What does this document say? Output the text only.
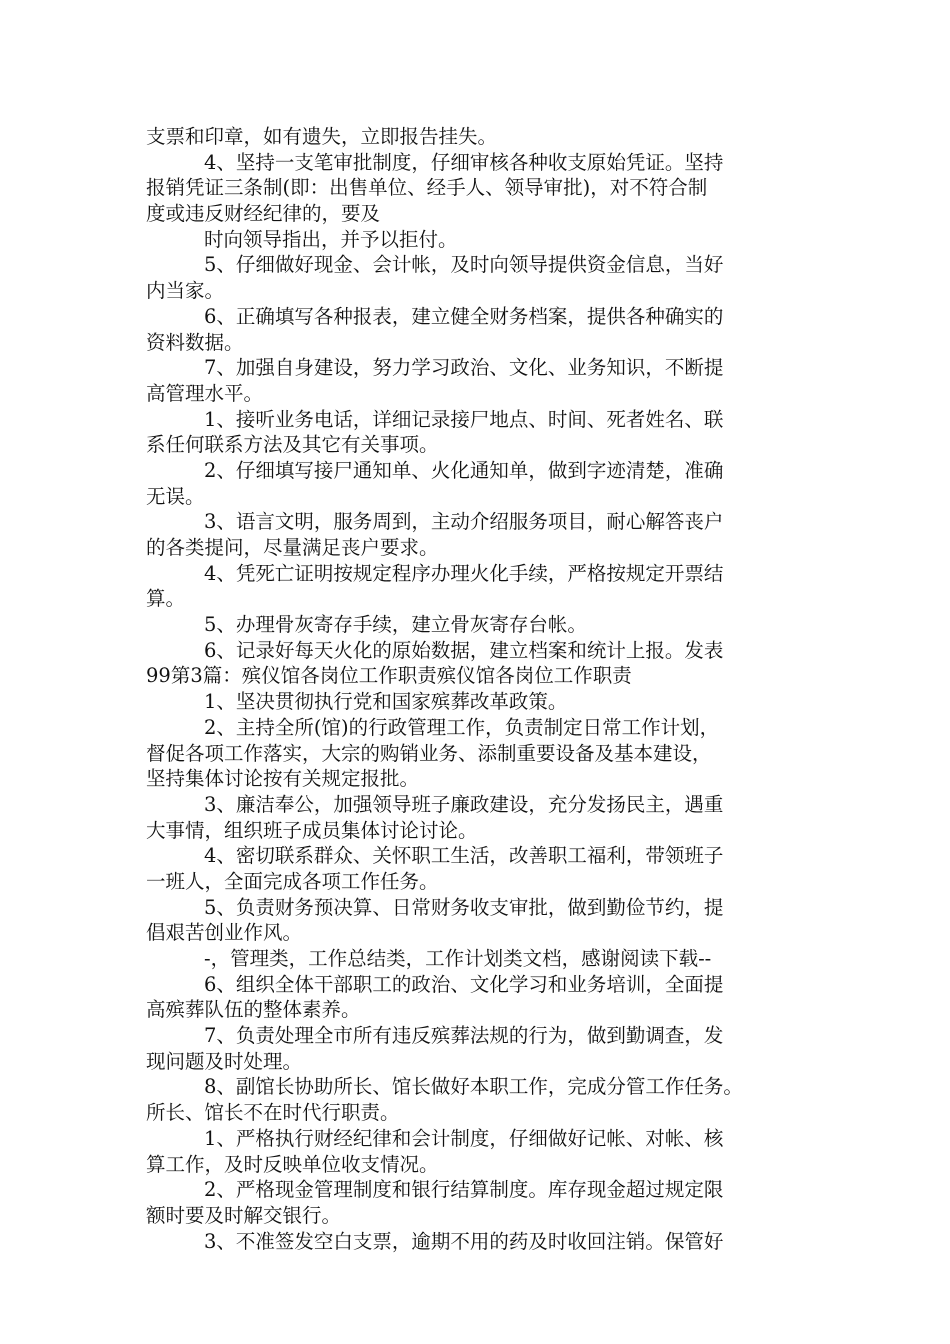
支票和印章，如有遗失，立即报告挂失。
4、坚持一支笔审批制度，仔细审核各种收支原始凭证。坚持
报销凭证三条制(即：出售单位、经手人、领导审批)，对不符合制
度或违反财经纪律的，要及
时向领导指出，并予以拒付。
5、仔细做好现金、会计帐，及时向领导提供资金信息，当好
内当家。
6、正确填写各种报表，建立健全财务档案，提供各种确实的
资料数据。
7、加强自身建设，努力学习政治、文化、业务知识，不断提
高管理水平。
1、接听业务电话，详细记录接尸地点、时间、死者姓名、联
系任何联系方法及其它有关事项。
2、仔细填写接尸通知单、火化通知单，做到字迹清楚，准确
无误。
3、语言文明，服务周到，主动介绍服务项目，耐心解答丧户
的各类提问，尽量满足丧户要求。
4、凭死亡证明按规定程序办理火化手续，严格按规定开票结
算。
5、办理骨灰寄存手续，建立骨灰寄存台帐。
6、记录好每天火化的原始数据，建立档案和统计上报。发表
99第3篇：殡仪馆各岗位工作职责殡仪馆各岗位工作职责
1、坚决贯彻执行党和国家殡葬改革政策。
2、主持全所(馆)的行政管理工作，负责制定日常工作计划，
督促各项工作落实，大宗的购销业务、添制重要设备及基本建设，
坚持集体讨论按有关规定报批。
3、廉洁奉公，加强领导班子廉政建设，充分发扬民主，遇重
大事情，组织班子成员集体讨论讨论。
4、密切联系群众、关怀职工生活，改善职工福利，带领班子
一班人，全面完成各项工作任务。
5、负责财务预决算、日常财务收支审批，做到勤俭节约，提
倡艰苦创业作风。
-，管理类，工作总结类，工作计划类文档，感谢阅读下载--
6、组织全体干部职工的政治、文化学习和业务培训，全面提
高殡葬队伍的整体素养。
7、负责处理全市所有违反殡葬法规的行为，做到勤调查，发
现问题及时处理。
8、副馆长协助所长、馆长做好本职工作，完成分管工作任务。
所长、馆长不在时代行职责。
1、严格执行财经纪律和会计制度，仔细做好记帐、对帐、核
算工作，及时反映单位收支情况。
2、严格现金管理制度和银行结算制度。库存现金超过规定限
额时要及时解交银行。
3、不准签发空白支票，逾期不用的药及时收回注销。保管好
